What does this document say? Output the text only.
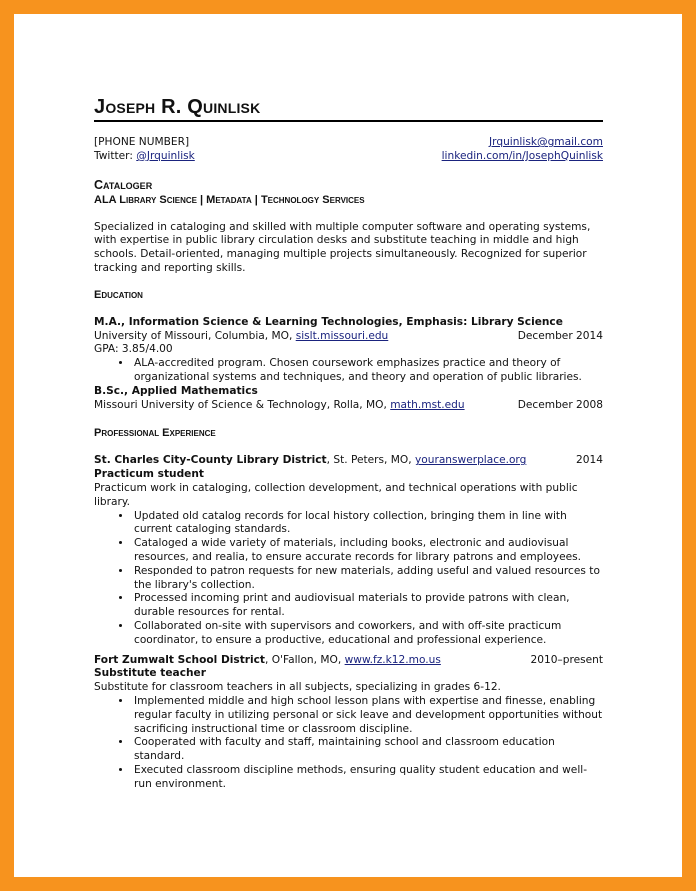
Joseph R. Quinlisk
[PHONE NUMBER]	Jrquinlisk@gmail.com
Twitter: @Jrquinlisk	linkedin.com/in/JosephQuinlisk
Cataloger
ALA Library Science | Metadata | Technology Services
Specialized in cataloging and skilled with multiple computer software and operating systems, with expertise in public library circulation desks and substitute teaching in middle and high schools. Detail-oriented, managing multiple projects simultaneously. Recognized for superior tracking and reporting skills.
Education
M.A., Information Science & Learning Technologies, Emphasis: Library Science
University of Missouri, Columbia, MO, sislt.missouri.edu	December 2014
GPA: 3.85/4.00
• ALA-accredited program. Chosen coursework emphasizes practice and theory of organizational systems and techniques, and theory and operation of public libraries.
B.Sc., Applied Mathematics
Missouri University of Science & Technology, Rolla, MO, math.mst.edu	December 2008
Professional Experience
St. Charles City-County Library District, St. Peters, MO, youranswerplace.org	2014
Practicum student
Practicum work in cataloging, collection development, and technical operations with public library.
• Updated old catalog records for local history collection, bringing them in line with current cataloging standards.
• Cataloged a wide variety of materials, including books, electronic and audiovisual resources, and realia, to ensure accurate records for library patrons and employees.
• Responded to patron requests for new materials, adding useful and valued resources to the library's collection.
• Processed incoming print and audiovisual materials to provide patrons with clean, durable resources for rental.
• Collaborated on-site with supervisors and coworkers, and with off-site practicum coordinator, to ensure a productive, educational and professional experience.
Fort Zumwalt School District, O'Fallon, MO, www.fz.k12.mo.us	2010–present
Substitute teacher
Substitute for classroom teachers in all subjects, specializing in grades 6-12.
• Implemented middle and high school lesson plans with expertise and finesse, enabling regular faculty in utilizing personal or sick leave and development opportunities without sacrificing instructional time or classroom discipline.
• Cooperated with faculty and staff, maintaining school and classroom education standard.
• Executed classroom discipline methods, ensuring quality student education and well-run environment.
